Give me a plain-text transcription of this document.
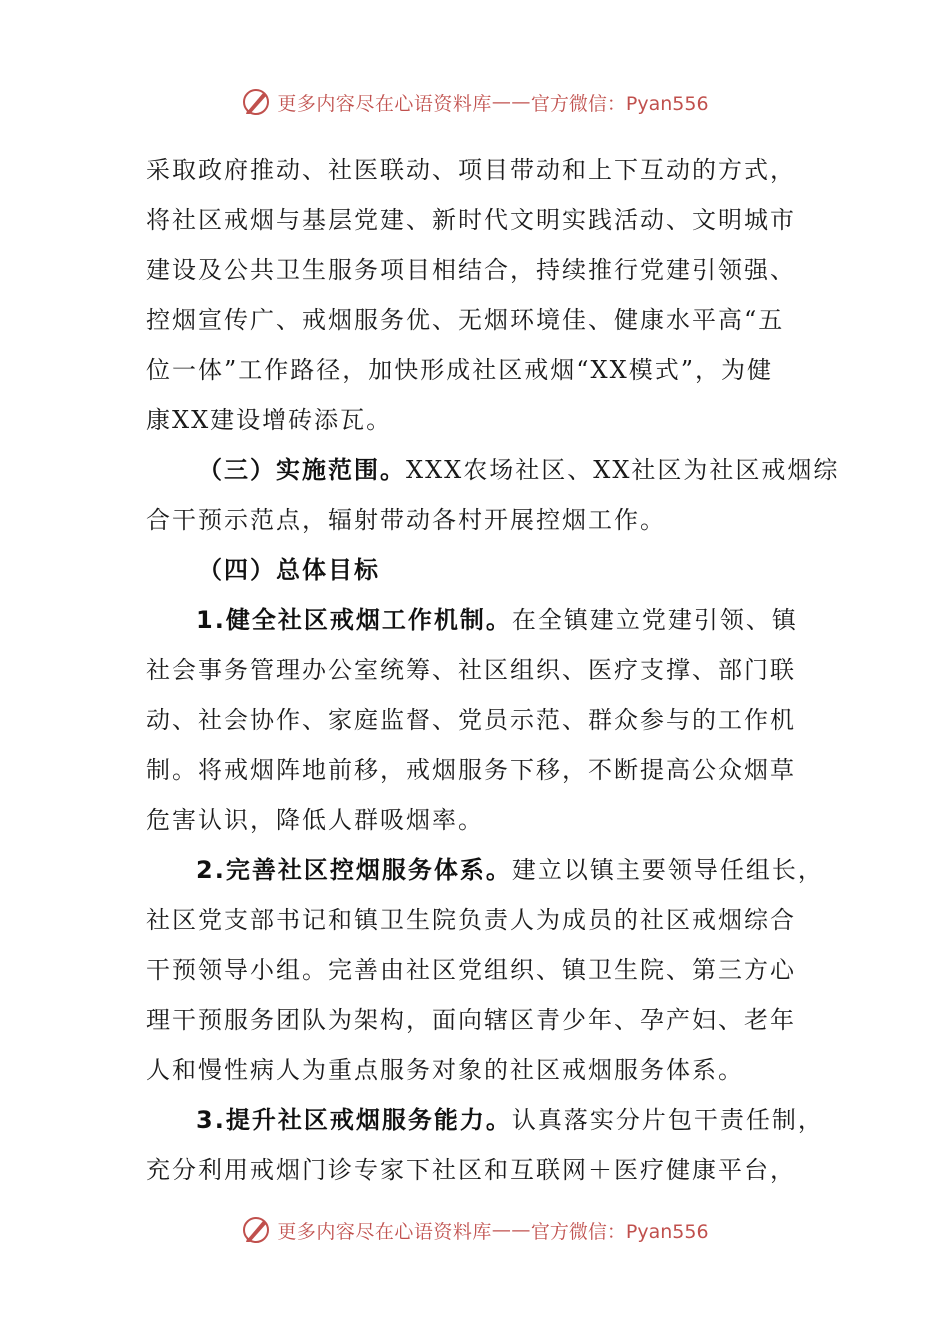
更多内容尽在心语资料库 —— 官方微信：Pyan556
采取政府推动、社医联动、项目带动和上下互动的方式，
将社区戒烟与基层党建、新时代文明实践活动、文明城市
建设及公共卫生服务项目相结合，持续推行党建引领强、
控烟宣传广、戒烟服务优、无烟环境佳、健康水平高“五
位一体”工作路径，加快形成社区戒烟“XX模式”，为健
康XX建设增砖添瓦。
（三）实施范围。XXX农场社区、XX社区为社区戒烟综
合干预示范点，辐射带动各村开展控烟工作。
（四）总体目标
1.健全社区戒烟工作机制。在全镇建立党建引领、镇
社会事务管理办公室统筹、社区组织、医疗支撑、部门联
动、社会协作、家庭监督、党员示范、群众参与的工作机
制。将戒烟阵地前移，戒烟服务下移，不断提高公众烟草
危害认识，降低人群吸烟率。
2.完善社区控烟服务体系。建立以镇主要领导任组长，
社区党支部书记和镇卫生院负责人为成员的社区戒烟综合
干预领导小组。完善由社区党组织、镇卫生院、第三方心
理干预服务团队为架构，面向辖区青少年、孕产妇、老年
人和慢性病人为重点服务对象的社区戒烟服务体系。
3.提升社区戒烟服务能力。认真落实分片包干责任制，
充分利用戒烟门诊专家下社区和互联网＋医疗健康平台，
更多内容尽在心语资料库 —— 官方微信：Pyan556
